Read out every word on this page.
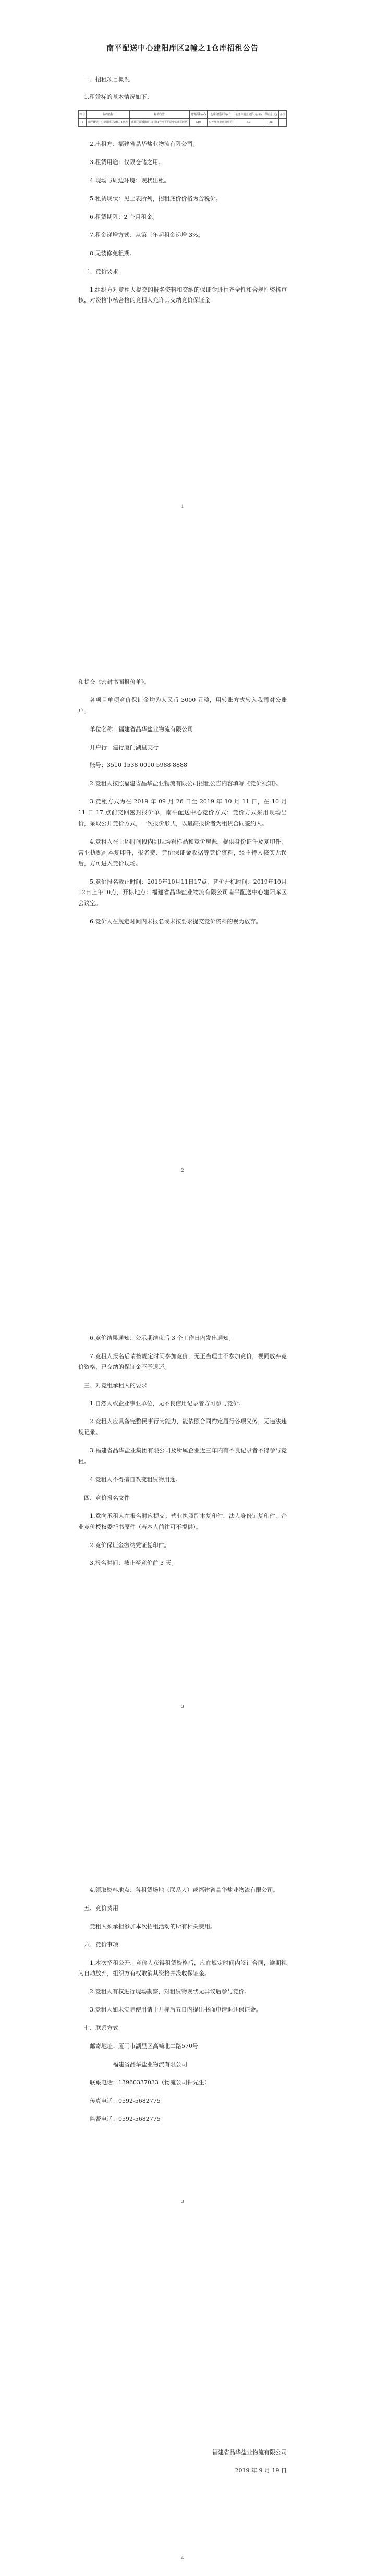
南平配送中心建阳库区2幢之1仓库招租公告

一、招租项目概况

1.租赁标的基本情况如下：

序号	标的名称	标的位置	建筑面积(㎡)	仓库租赁面积(㎡)	公开年租金底价(元/年)	保证金(元)	备注
1	南平配送中心建阳库区2幢之1仓库	建阳区潭城街道三门路1号南平配送中心建阳库区	540	公开年租金底价单价	3.3	36	

2.出租方：福建省晶华盐业物流有限公司。

3.租赁用途：仅限仓储之用。

4.现场与周边环境：现状出租。

5.租赁现状：见上表所列，招租底价价格为含税价。

6.租赁期限：2 个月租金。

7.租金递增方式：从第三年起租金递增 3%。

8.无装修免租期。

二、竞价要求

1.组织方对竞租人提交的报名资料和交纳的保证金进行齐全性和合规性资格审核，对资格审核合格的竞租人允许其交纳竞价保证金

1

和提交《密封书面报价单》。

各项目单项竞价保证金均为人民币 3000 元整，用转账方式转入我司对公账户。

单位名称：福建省晶华盐业物流有限公司

开户行：建行厦门湖里支行

账号：3510 1538 0010 5988 8888

2.竞租人按照福建省晶华盐业物流有限公司招租公告内容填写《竞价须知》。

3.竞租方式为在 2019 年 09 月 26 日至 2019 年 10 月 11 日，在 10 月 11 日 17 点前交回密封报价单，南平配送中心竞价方式：竞价方式采用现场出价，采取公开竞价方式，一次报价形式，以最高报价者为租赁合同签约人。

4.竞租人在上述时间段内到现场看样品和竞价房源，提供身份证件及复印件，营业执照副本复印件，报名费、竞价保证金收据等竞价资料，经主持人核实无误后，方可进入竞价现场。

5.竞价报名截止时间：2019年10月11日17点，竞价开标时间：2019年10月12日上午10点，开标地点：福建省晶华盐业物流有限公司南平配送中心建阳库区会议室。

6.竞价人在规定时间内未报名或未按要求提交竞价资料的视为放弃。

2

6.竞价结果通知：公示期结束后 3 个工作日内发出通知。

7.竞租人报名后请按规定时间参加竞价，无正当理由不参加竞价，视同放弃竞价资格，已交纳的保证金不予退还。

三、对竞租承租人的要求

1.自然人或企业事业单位，无不良信用记录者方可参与竞价。

2.竞租人应具备完整民事行为能力，能依照合同约定履行各项义务，无违法违规记录。

3.福建省晶华盐业集团有限公司及所属企业近三年内有不良记录者不得参与竞租。

4.竞租人不得擅自改变租赁物用途。

四、竞价报名文件

1.意向承租人在报名时应提交：营业执照副本复印件，法人身份证复印件，企业竞价授权委托书原件（若本人前往可不提供）。

2.竞价保证金缴纳凭证复印件。

3.报名时间：截止至竞价前 3 天。

3

4.领取资料地点：各租赁场地（联系人）或福建省晶华盐业物流有限公司。

五、竞价费用

竞租人须承担参加本次招租活动的所有相关费用。

六、竞价事项

1.本次招租公开，竞价人获得租赁资格后，应在规定时间内签订合同，逾期视为自动放弃，组织方有权取消其资格并没收保证金。

2.竞租人有权进行现场勘察，对租赁物现状无异议后参与竞价。

3.竞租人如未实际使用请于开标后五日内提出书面申请退还保证金。

七、联系方式

邮寄地址：厦门市湖里区高崎北二路570号

福建省晶华盐业物流有限公司

联系电话：13960337033（物流公司钟先生）

传真电话：0592-5682775

监督电话：0592-5682775

3

福建省晶华盐业物流有限公司

2019 年 9 月 19 日

4
